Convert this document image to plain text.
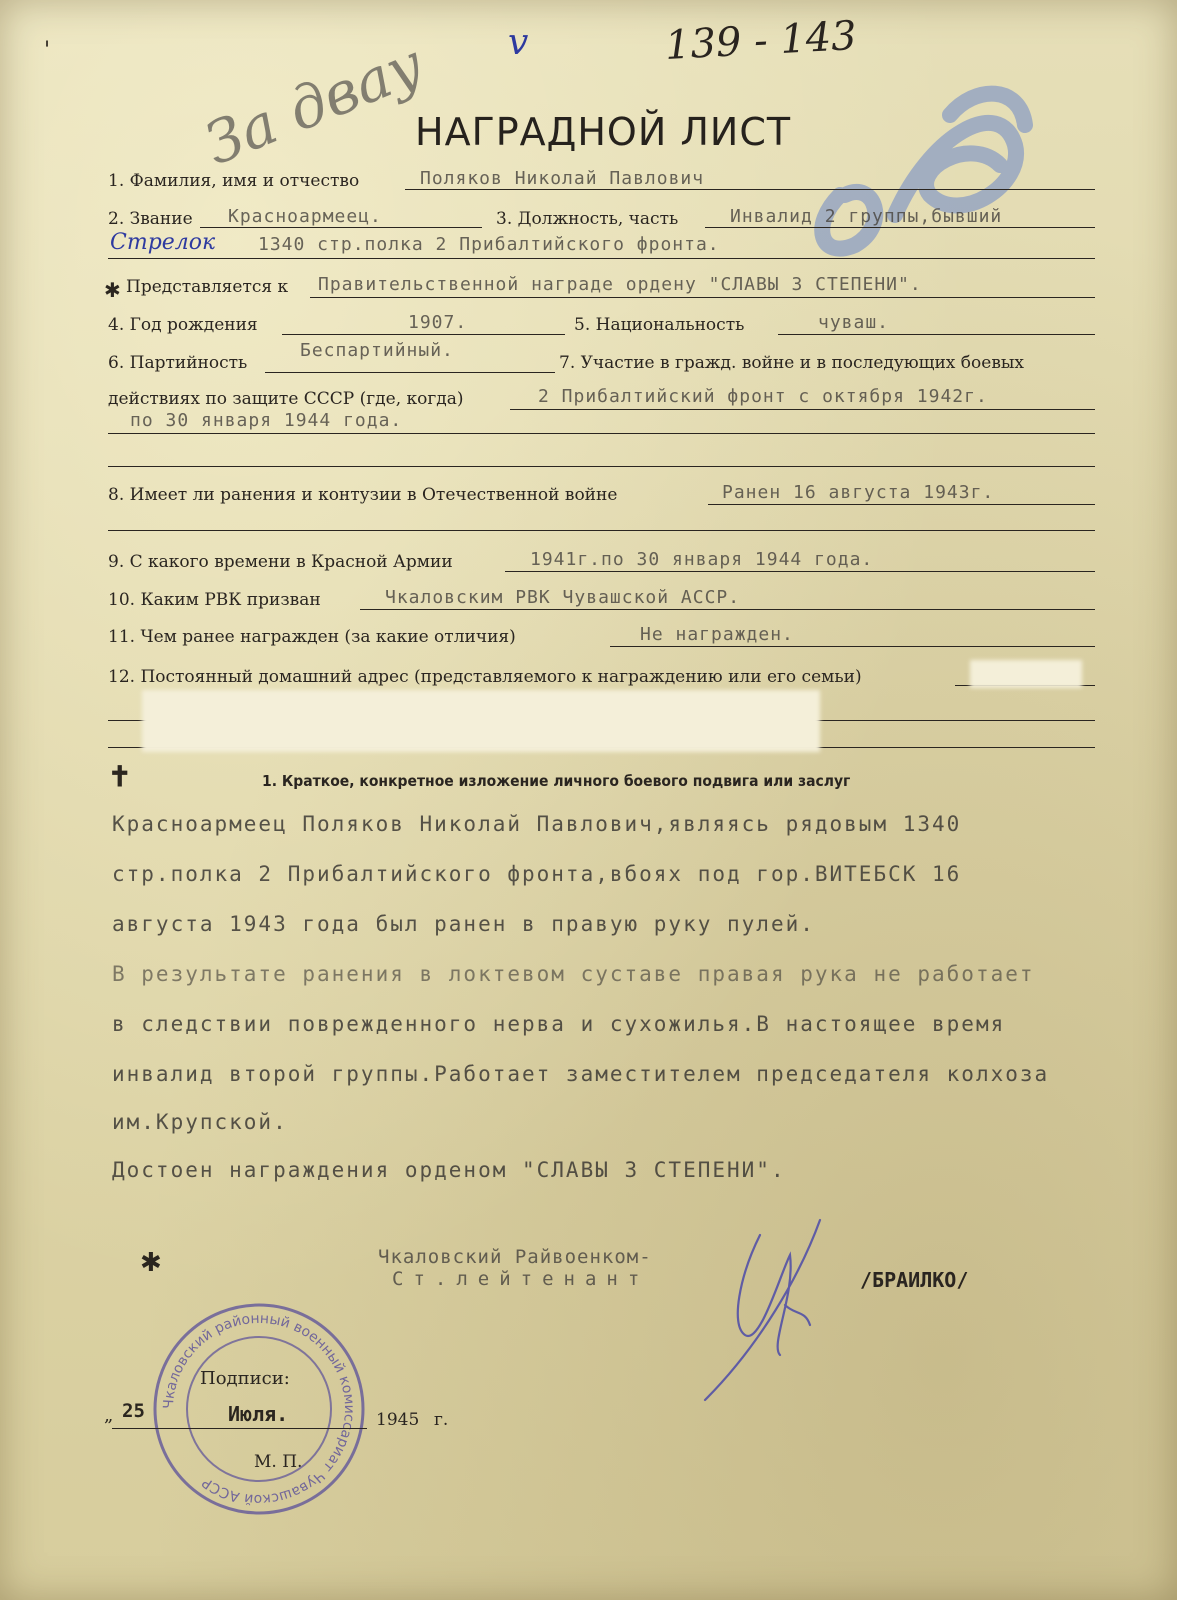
'	v	139 - 143
За двау
НАГРАДНОЙ ЛИСТ
1. Фамилия, имя и отчество	Поляков Николай Павлович
2. Звание Красноармеец.	3. Должность, часть	Инвалид 2 группы,бывший
Стрелок 1340 стр.полка 2 Прибалтийского фронта.
✱ Представляется к Правительственной награде ордену "СЛАВЫ 3 СТЕПЕНИ".
4. Год рождения	1907.	5. Национальность	чуваш.
6. Партийность
Беспартийный.
7. Участие в гражд. войне и в последующих боевых
действиях по защите СССР (где, когда)	2 Прибалтийский фронт с октября 1942г.
по 30 января 1944 года.
8. Имеет ли ранения и контузии в Отечественной войне	Ранен 16 августа 1943г.
9. С какого времени в Красной Армии	1941г.по 30 января 1944 года.
10. Каким РВК призван	Чкаловским РВК Чувашской АССР.
11. Чем ранее награжден (за какие отличия)	Не награжден.
12. Постоянный домашний адрес (представляемого к награждению или его семьи)
✝	1. Краткое, конкретное изложение личного боевого подвига или заслуг
Красноармеец Поляков Николай Павлович,являясь рядовым 1340
стр.полка 2 Прибалтийского фронта,вбоях под гор.ВИТЕБСК 16
августа 1943 года был ранен в правую руку пулей.
В результате ранения в локтевом суставе правая рука не работает
в следствии поврежденного нерва и сухожилья.В настоящее время
инвалид второй группы.Работает заместителем председателя колхоза
им.Крупской.
Достоен награждения орденом "СЛАВЫ 3 СТЕПЕНИ".
✱	Чкаловский Райвоенком-
Ст.лейтенант	/БРАИЛКО/
Чкаловский районный военный комиссариат Чувашской АССР
Подписи:
„ 25	Июля.	1945 г.
М. П.
